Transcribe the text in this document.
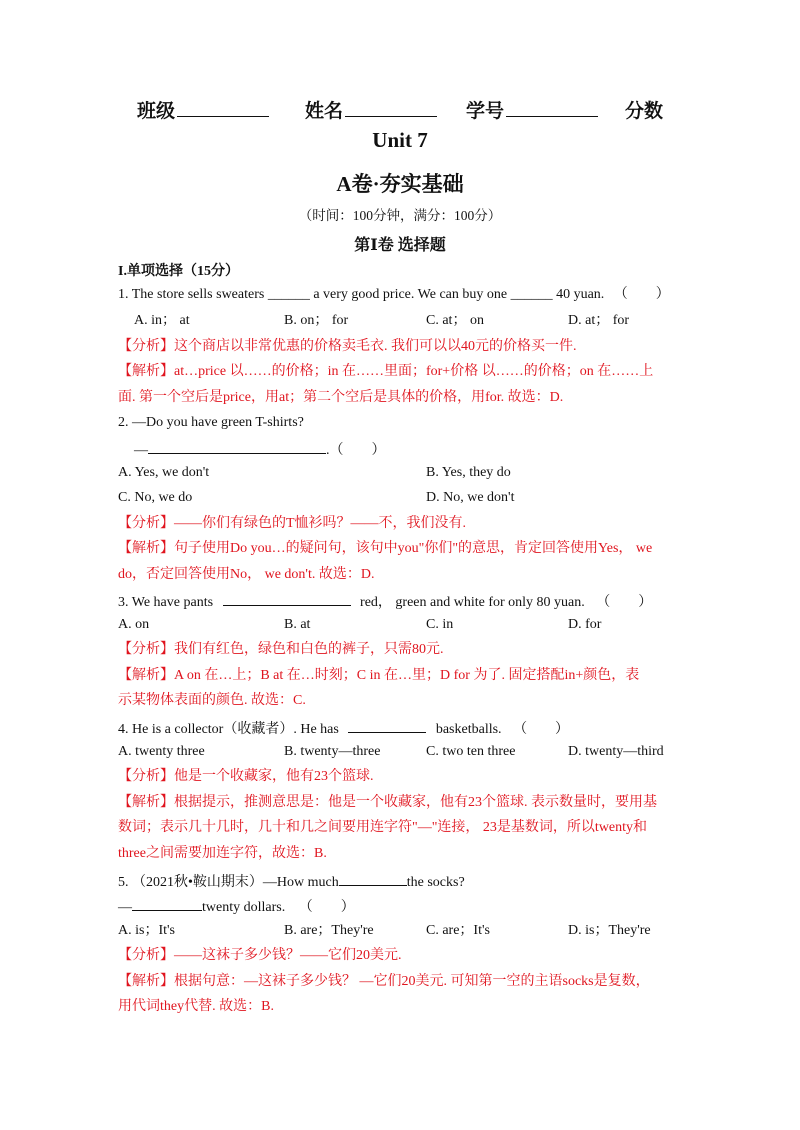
班级	姓名	学号	分数
Unit 7
A卷·夯实基础
（时间：100分钟，满分：100分）
第Ⅰ卷 选择题
I.单项选择（15分）
1. The store sells sweaters ______ a very good price. We can buy one ______ 40 yuan. （　　）
A. in； at	B. on； for	C. at； on	D. at； for
【分析】这个商店以非常优惠的价格卖毛衣. 我们可以以40元的价格买一件.
【解析】at…price 以……的价格；in 在……里面；for+价格 以……的价格；on 在……上
面. 第一个空后是price，用at；第二个空后是具体的价格，用for. 故选：D.
2. —Do you have green T-shirts?
—	.（　　）
A. Yes, we don't	B. Yes, they do
C. No, we do	D. No, we don't
【分析】——你们有绿色的T恤衫吗？——不，我们没有.
【解析】句子使用Do you…的疑问句，该句中you"你们"的意思，肯定回答使用Yes， we
do，否定回答使用No， we don't. 故选：D.
3. We have pants	red， green and white for only 80 yuan. （　　）
A. on	B. at	C. in	D. for
【分析】我们有红色，绿色和白色的裤子，只需80元.
【解析】A on 在…上；B at 在…时刻；C in 在…里；D for 为了. 固定搭配in+颜色，表
示某物体表面的颜色. 故选：C.
4. He is a collector（收藏者）. He has	basketballs. （　　）
A. twenty three	B. twenty—three	C. two ten three	D. twenty—third
【分析】他是一个收藏家，他有23个篮球.
【解析】根据提示，推测意思是：他是一个收藏家，他有23个篮球. 表示数量时，要用基
数词；表示几十几时，几十和几之间要用连字符"—"连接， 23是基数词，所以twenty和
three之间需要加连字符，故选：B.
5. （2021秋•鞍山期末）—How much	the socks?
—	twenty dollars. （　　）
A. is；It's	B. are；They're	C. are；It's	D. is；They're
【分析】——这袜子多少钱？——它们20美元.
【解析】根据句意：—这袜子多少钱？ —它们20美元. 可知第一空的主语socks是复数，
用代词they代替. 故选：B.
